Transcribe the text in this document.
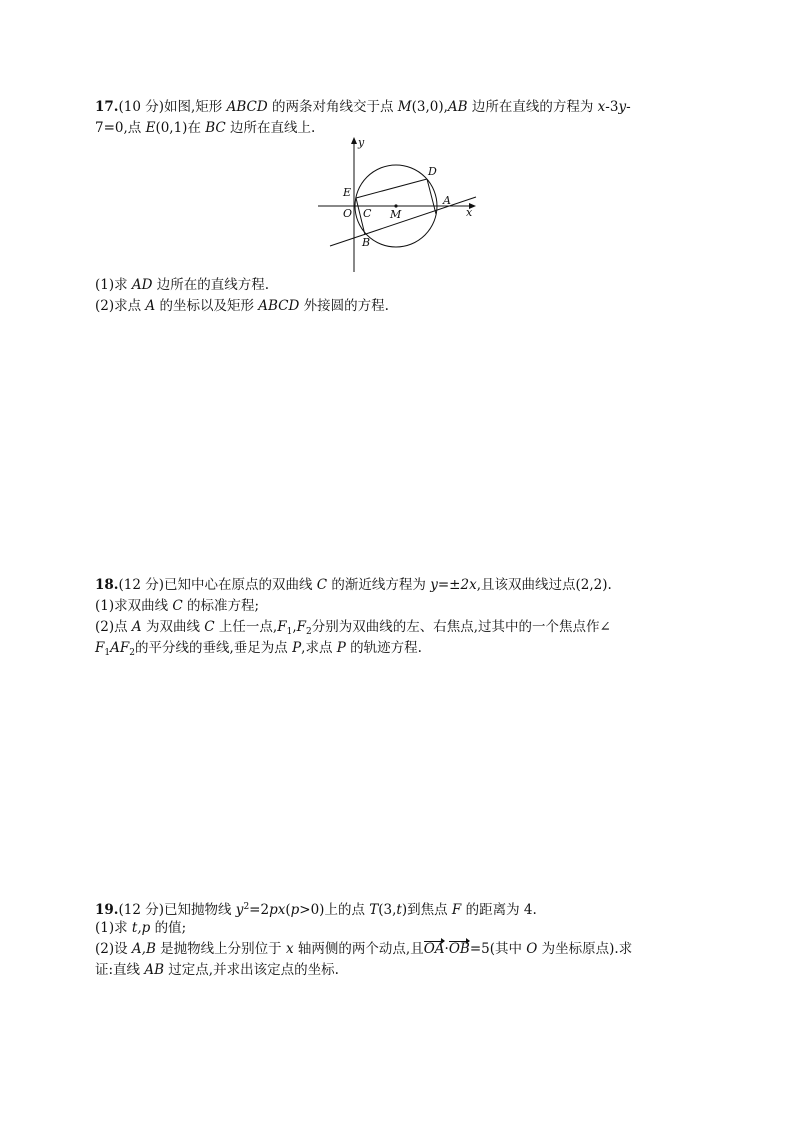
17.(10 分)如图,矩形 ABCD 的两条对角线交于点 M(3,0),AB 边所在直线的方程为 x-3y-
7=0,点 E(0,1)在 BC 边所在直线上.
y
x
O
E
C M
D
A
B
(1)求 AD 边所在的直线方程.
(2)求点 A 的坐标以及矩形 ABCD 外接圆的方程.
18.(12 分)已知中心在原点的双曲线 C 的渐近线方程为 y=±2x,且该双曲线过点(2,2).
(1)求双曲线 C 的标准方程;
(2)点 A 为双曲线 C 上任一点$,F_1,F_2$分别为双曲线的左、右焦点,过其中的一个焦点作∠
$F_1AF_2$的平分线的垂线,垂足为点 P,求点 P 的轨迹方程.
19.(12 分)已知抛物线 $y^2=2px(p>0)$上的点 T(3,t)到焦点 F 的距离为 4.
(1)求 t,p 的值;
(2)设 A,B 是抛物线上分别位于 x 轴两侧的两个动点,且OA·OB=5(其中 O 为坐标原点).求
证:直线 AB 过定点,并求出该定点的坐标.
